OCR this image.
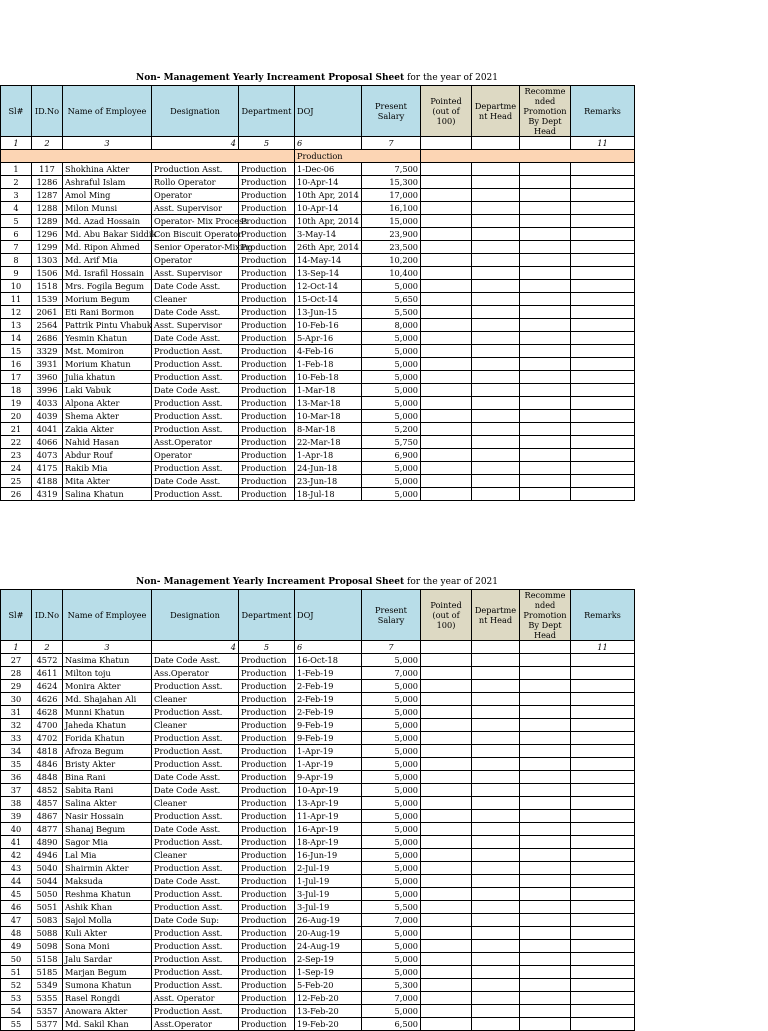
Non- Management Yearly Increament Proposal Sheet for the year of 2021
Sl#	ID.No	Name of Employee	Designation	Department	DOJ	Present Salary	Pointed (out of 100)	Departme nt Head	Recomme nded Promotion By Dept Head	Remarks
1	2	3	4	5	6	7				11
					Production					
1	117	Shokhina Akter	Production Asst.	Production	1-Dec-06	7,500				
2	1286	Ashraful Islam	Rollo Operator	Production	10-Apr-14	15,300				
3	1287	Amol Ming	Operator	Production	10th Apr, 2014	17,000				
4	1288	Milon Munsi	Asst. Supervisor	Production	10-Apr-14	16,100				
5	1289	Md. Azad Hossain	Operator- Mix Process	Production	10th Apr, 2014	15,000				
6	1296	Md. Abu Bakar Siddik	Con Biscuit Operator	Production	3-May-14	23,900				
7	1299	Md. Ripon Ahmed	Senior Operator-Mixing	Production	26th Apr, 2014	23,500				
8	1303	Md. Arif Mia	Operator	Production	14-May-14	10,200				
9	1506	Md. Israfil Hossain	Asst. Supervisor	Production	13-Sep-14	10,400				
10	1518	Mrs. Fogila Begum	Date Code Asst.	Production	12-Oct-14	5,000				
11	1539	Morium Begum	Cleaner	Production	15-Oct-14	5,650				
12	2061	Eti Rani Bormon	Date Code Asst.	Production	13-Jun-15	5,500				
13	2564	Pattrik Pintu Vhabuk	Asst. Supervisor	Production	10-Feb-16	8,000				
14	2686	Yesmin Khatun	Date Code Asst.	Production	5-Apr-16	5,000				
15	3329	Mst. Momiron	Production Asst.	Production	4-Feb-16	5,000				
16	3931	Morium Khatun	Production Asst.	Production	1-Feb-18	5,000				
17	3960	Julia khatun	Production Asst.	Production	10-Feb-18	5,000				
18	3996	Laki Vabuk	Date Code Asst.	Production	1-Mar-18	5,000				
19	4033	Alpona Akter	Production Asst.	Production	13-Mar-18	5,000				
20	4039	Shema Akter	Production Asst.	Production	10-Mar-18	5,000				
21	4041	Zakia Akter	Production Asst.	Production	8-Mar-18	5,200				
22	4066	Nahid Hasan	Asst.Operator	Production	22-Mar-18	5,750				
23	4073	Abdur Rouf	Operator	Production	1-Apr-18	6,900				
24	4175	Rakib Mia	Production Asst.	Production	24-Jun-18	5,000				
25	4188	Mita Akter	Date Code Asst.	Production	23-Jun-18	5,000				
26	4319	Salina Khatun	Production Asst.	Production	18-Jul-18	5,000				
Non- Management Yearly Increament Proposal Sheet for the year of 2021
Sl#	ID.No	Name of Employee	Designation	Department	DOJ	Present Salary	Pointed (out of 100)	Departme nt Head	Recomme nded Promotion By Dept Head	Remarks
1	2	3	4	5	6	7				11
27	4572	Nasima Khatun	Date Code Asst.	Production	16-Oct-18	5,000				
28	4611	Milton toju	Ass.Operator	Production	1-Feb-19	7,000				
29	4624	Monira Akter	Production Asst.	Production	2-Feb-19	5,000				
30	4626	Md. Shajahan Ali	Cleaner	Production	2-Feb-19	5,000				
31	4628	Munni Khatun	Production Asst.	Production	2-Feb-19	5,000				
32	4700	Jaheda Khatun	Cleaner	Production	9-Feb-19	5,000				
33	4702	Forida Khatun	Production Asst.	Production	9-Feb-19	5,000				
34	4818	Afroza Begum	Production Asst.	Production	1-Apr-19	5,000				
35	4846	Bristy Akter	Production Asst.	Production	1-Apr-19	5,000				
36	4848	Bina Rani	Date Code Asst.	Production	9-Apr-19	5,000				
37	4852	Sabita Rani	Date Code Asst.	Production	10-Apr-19	5,000				
38	4857	Salina Akter	Cleaner	Production	13-Apr-19	5,000				
39	4867	Nasir Hossain	Production Asst.	Production	11-Apr-19	5,000				
40	4877	Shanaj Begum	Date Code Asst.	Production	16-Apr-19	5,000				
41	4890	Sagor Mia	Production Asst.	Production	18-Apr-19	5,000				
42	4946	Lal Mia	Cleaner	Production	16-Jun-19	5,000				
43	5040	Shairmin Akter	Production Asst.	Production	2-Jul-19	5,000				
44	5044	Maksuda	Date Code Asst.	Production	1-Jul-19	5,000				
45	5050	Reshma Khatun	Production Asst.	Production	3-Jul-19	5,000				
46	5051	Ashik Khan	Production Asst.	Production	3-Jul-19	5,500				
47	5083	Sajol Molla	Date Code Sup:	Production	26-Aug-19	7,000				
48	5088	Kuli Akter	Production Asst.	Production	20-Aug-19	5,000				
49	5098	Sona Moni	Production Asst.	Production	24-Aug-19	5,000				
50	5158	Jalu Sardar	Production Asst.	Production	2-Sep-19	5,000				
51	5185	Marjan Begum	Production Asst.	Production	1-Sep-19	5,000				
52	5349	Sumona Khatun	Production Asst.	Production	5-Feb-20	5,300				
53	5355	Rasel Rongdi	Asst. Operator	Production	12-Feb-20	7,000				
54	5357	Anowara Akter	Production Asst.	Production	13-Feb-20	5,000				
55	5377	Md. Sakil Khan	Asst.Operator	Production	19-Feb-20	6,500				
